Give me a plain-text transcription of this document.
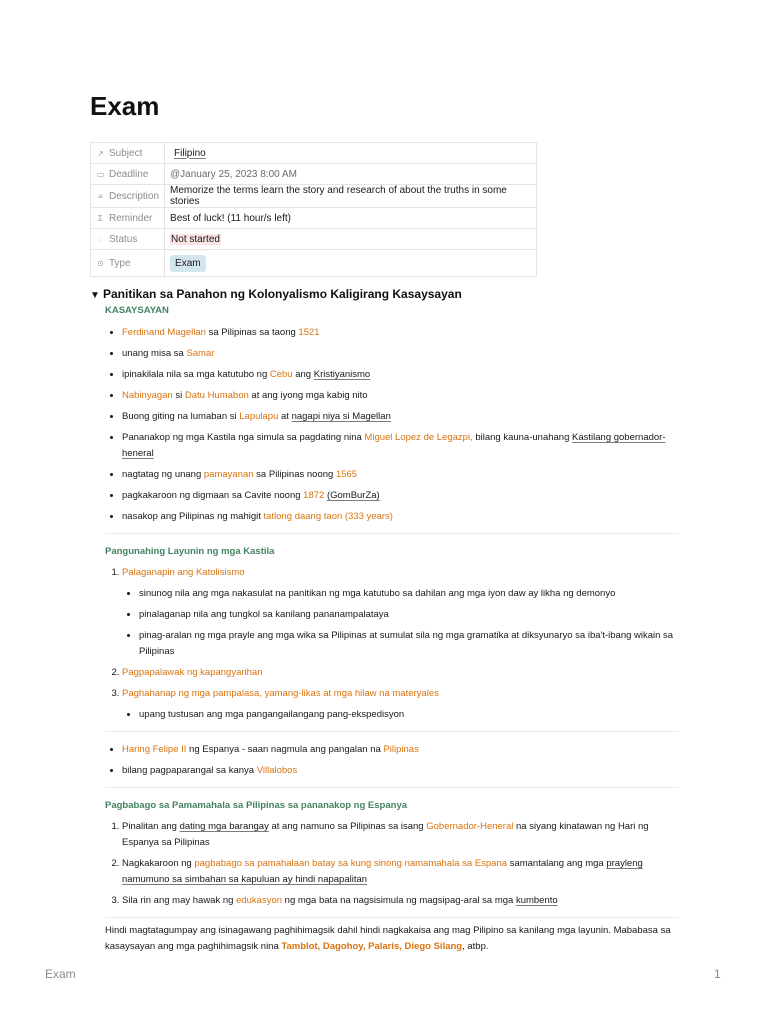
Exam
↗ Subject	Filipino
▭ Deadline	@January 25, 2023 8:00 AM
≡ Description	Memorize the terms learn the story and research of about the truths in some stories
Σ Reminder	Best of luck! (11 hour/s left)
◌ Status	Not started
⊙ Type	Exam
▼ Panitikan sa Panahon ng Kolonyalismo Kaligirang Kasaysayan

KASAYSAYAN

• Ferdinand Magellan sa Pilipinas sa taong 1521
• unang misa sa Samar
• ipinakilala nila sa mga katutubo ng Cebu ang Kristiyanismo
• Nabinyagan si Datu Humabon at ang iyong mga kabig nito
• Buong giting na lumaban si Lapulapu at nagapi niya si Magellan
• Pananakop ng mga Kastila nga simula sa pagdating nina Miguel Lopez de Legazpi, bilang kauna-unahang Kastilang gobernador-heneral
• nagtatag ng unang pamayanan sa Pilipinas noong 1565
• pagkakaroon ng digmaan sa Cavite noong 1872 (GomBurZa)
• nasakop ang Pilipinas ng mahigit tatlong daang taon (333 years)

Pangunahing Layunin ng mga Kastila

1. Palaganapin ang Katolisismo
• sinunog nila ang mga nakasulat na panitikan ng mga katutubo sa dahilan ang mga iyon daw ay likha ng demonyo
• pinalaganap nila ang tungkol sa kanilang pananampalataya
• pinag-aralan ng mga prayle ang mga wika sa Pilipinas at sumulat sila ng mga gramatika at diksyunaryo sa iba't-ibang wikain sa Pilipinas
2. Pagpapalawak ng kapangyarihan
3. Paghahanap ng mga pampalasa, yamang-likas at mga hilaw na materyales
• upang tustusan ang mga pangangailangang pang-ekspedisyon
• Haring Felipe II ng Espanya - saan nagmula ang pangalan na Pilipinas
• bilang pagpaparangal sa kanya Villalobos

Pagbabago sa Pamamahala sa Pilipinas sa pananakop ng Espanya

1. Pinalitan ang dating mga barangay at ang namuno sa Pilipinas sa isang Gobernador-Heneral na siyang kinatawan ng Hari ng Espanya sa Pilipinas
2. Nagkakaroon ng pagbabago sa pamahalaan batay sa kung sinong namamahala sa Espana samantalang ang mga prayleng namumuno sa simbahan sa kapuluan ay hindi napapalitan
3. Sila rin ang may hawak ng edukasyon ng mga bata na nagsisimula ng magsipag-aral sa mga kumbento

Hindi magtatagumpay ang isinagawang paghihimagsik dahil hindi nagkakaisa ang mag Pilipino sa kanilang mga layunin. Mababasa sa kasaysayan ang mga paghihimagsik nina Tamblot, Dagohoy, Palaris, Diego Silang, atbp.

Exam	1
